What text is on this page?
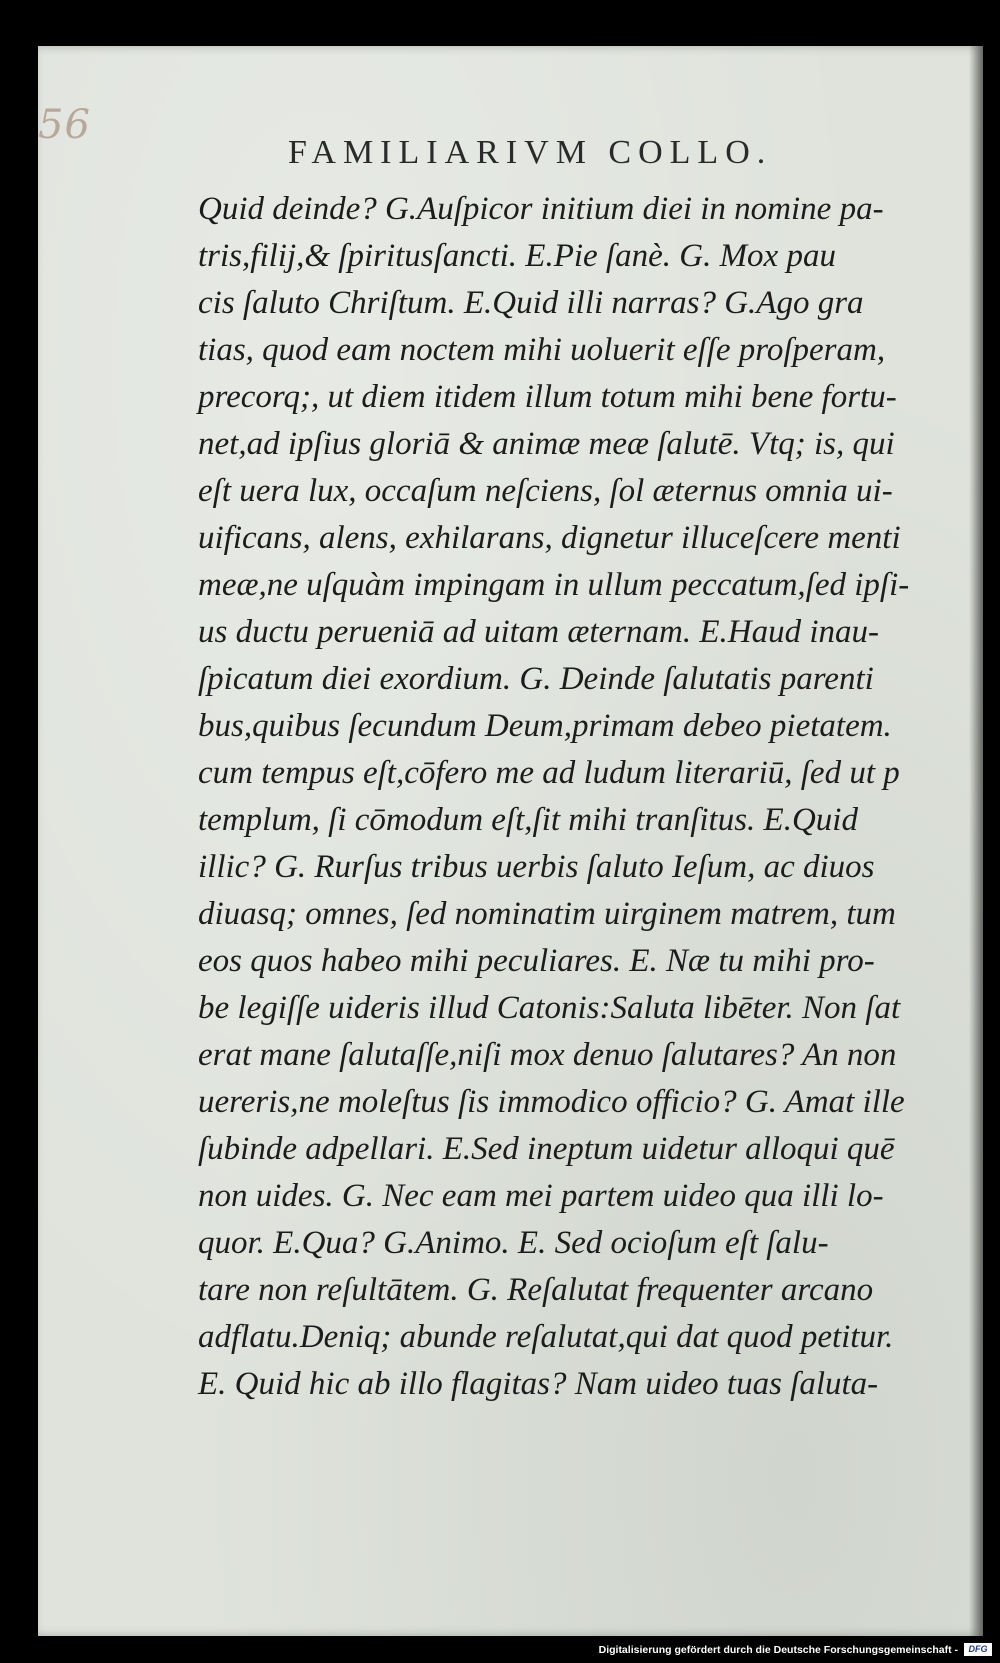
56
FAMILIARIVM COLLO.
Quid deinde? G.Auſpicor initium diei in nomine pa-
tris,filij,& ſpiritusſancti. E.Pie ſanè. G. Mox pau
cis ſaluto Chriſtum. E.Quid illi narras? G.Ago gra
tias, quod eam noctem mihi uoluerit eſſe proſperam,
precorq;, ut diem itidem illum totum mihi bene fortu-
net,ad ipſius gloriā & animæ meæ ſalutē. Vtq; is, qui
eſt uera lux, occaſum neſciens, ſol æternus omnia ui-
uificans, alens, exhilarans, dignetur illuceſcere menti
meæ,ne uſquàm impingam in ullum peccatum,ſed ipſi-
us ductu perueniā ad uitam æternam. E.Haud inau-
ſpicatum diei exordium. G. Deinde ſalutatis parenti
bus,quibus ſecundum Deum,primam debeo pietatem.
cum tempus eſt,cōfero me ad ludum literariū, ſed ut p
templum, ſi cōmodum eſt,ſit mihi tranſitus. E.Quid
illic? G. Rurſus tribus uerbis ſaluto Ieſum, ac diuos
diuasq; omnes, ſed nominatim uirginem matrem, tum
eos quos habeo mihi peculiares. E. Næ tu mihi pro-
be legiſſe uideris illud Catonis:Saluta libēter. Non ſat
erat mane ſalutaſſe,niſi mox denuo ſalutares? An non
uereris,ne moleſtus ſis immodico officio? G. Amat ille
ſubinde adpellari. E.Sed ineptum uidetur alloqui quē
non uides. G. Nec eam mei partem uideo qua illi lo-
quor. E.Qua? G.Animo. E. Sed ocioſum eſt ſalu-
tare non reſultātem. G. Reſalutat frequenter arcano
adflatu.Deniq; abunde reſalutat,qui dat quod petitur.
E. Quid hic ab illo flagitas? Nam uideo tuas ſaluta-
Digitalisierung gefördert durch die Deutsche Forschungsgemeinschaft -	DFG
